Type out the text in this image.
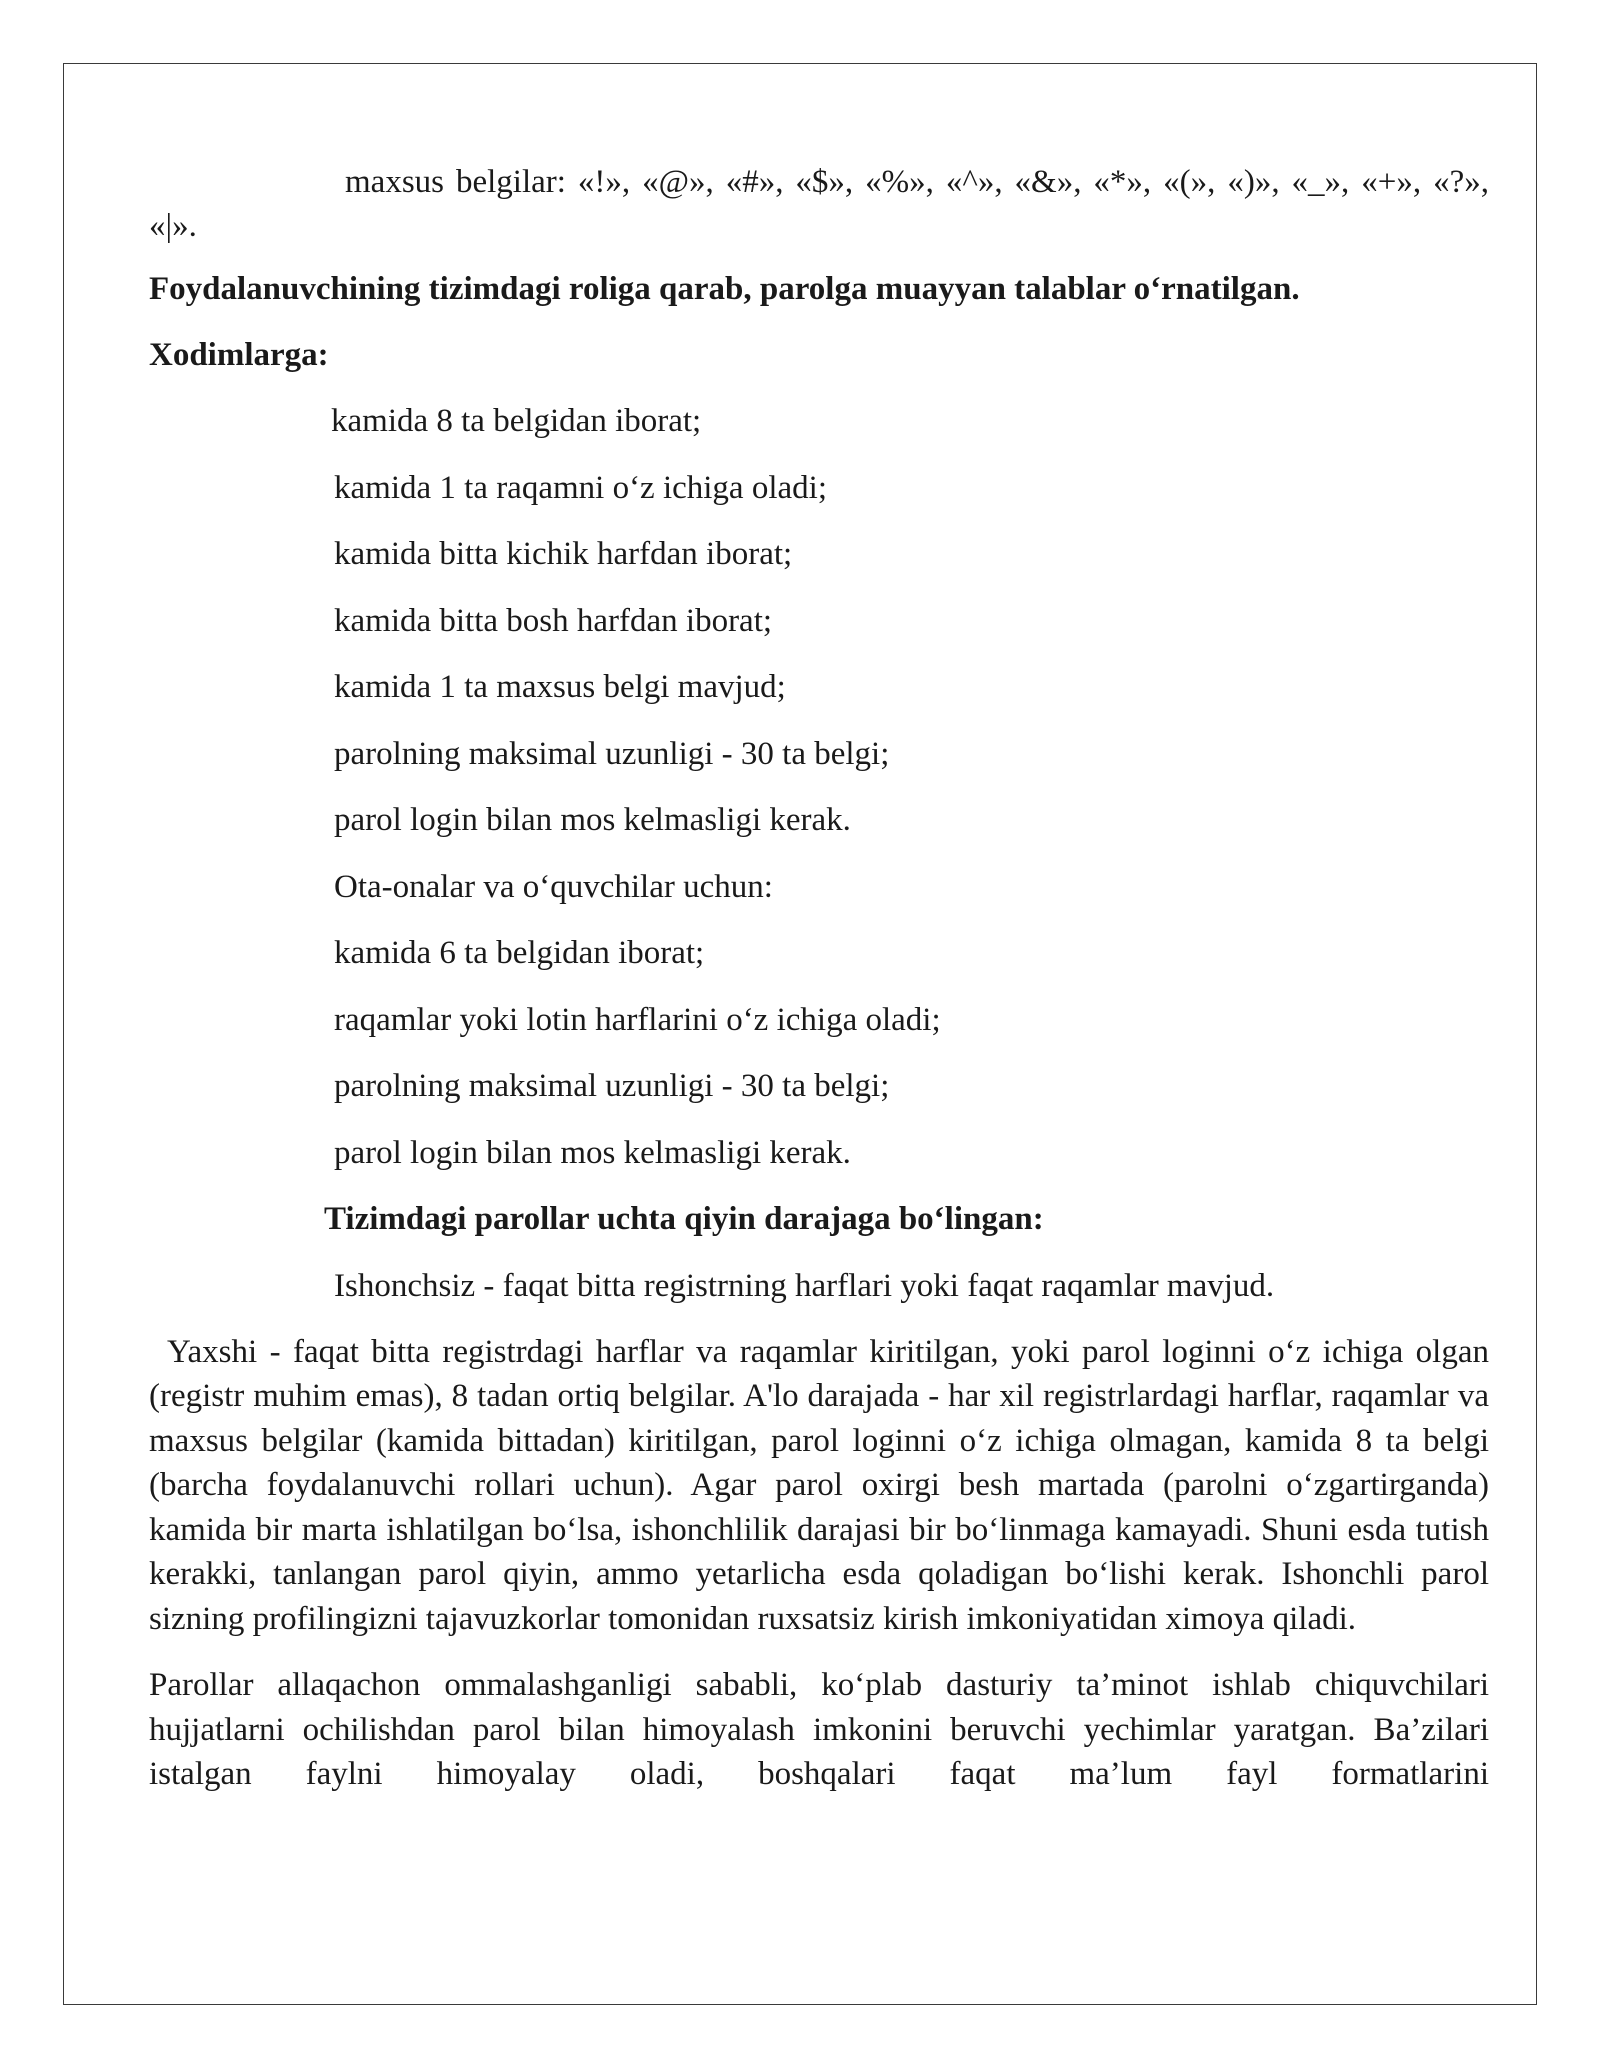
maxsus belgilar: «!», «@», «#», «$», «%», «^», «&», «*», «(», «)», «_», «+», «?», «|».

Foydalanuvchining tizimdagi roliga qarab, parolga muayyan talablar o‘rnatilgan.

Xodimlarga:

kamida 8 ta belgidan iborat;
kamida 1 ta raqamni o‘z ichiga oladi;
kamida bitta kichik harfdan iborat;
kamida bitta bosh harfdan iborat;
kamida 1 ta maxsus belgi mavjud;
parolning maksimal uzunligi - 30 ta belgi;
parol login bilan mos kelmasligi kerak.
Ota-onalar va o‘quvchilar uchun:
kamida 6 ta belgidan iborat;
raqamlar yoki lotin harflarini o‘z ichiga oladi;
parolning maksimal uzunligi - 30 ta belgi;
parol login bilan mos kelmasligi kerak.

Tizimdagi parollar uchta qiyin darajaga bo‘lingan:

Ishonchsiz - faqat bitta registrning harflari yoki faqat raqamlar mavjud.

Yaxshi - faqat bitta registrdagi harflar va raqamlar kiritilgan, yoki parol loginni o‘z ichiga olgan (registr muhim emas), 8 tadan ortiq belgilar. A'lo darajada - har xil registrlardagi harflar, raqamlar va maxsus belgilar (kamida bittadan) kiritilgan, parol loginni o‘z ichiga olmagan, kamida 8 ta belgi (barcha foydalanuvchi rollari uchun). Agar parol oxirgi besh martada (parolni o‘zgartirganda) kamida bir marta ishlatilgan bo‘lsa, ishonchlilik darajasi bir bo‘linmaga kamayadi. Shuni esda tutish kerakki, tanlangan parol qiyin, ammo yetarlicha esda qoladigan bo‘lishi kerak. Ishonchli parol sizning profilingizni tajavuzkorlar tomonidan ruxsatsiz kirish imkoniyatidan ximoya qiladi.

Parollar allaqachon ommalashganligi sababli, ko‘plab dasturiy ta’minot ishlab chiquvchilari hujjatlarni ochilishdan parol bilan himoyalash imkonini beruvchi yechimlar yaratgan. Ba’zilari istalgan faylni himoyalay oladi, boshqalari faqat ma’lum fayl formatlarini
